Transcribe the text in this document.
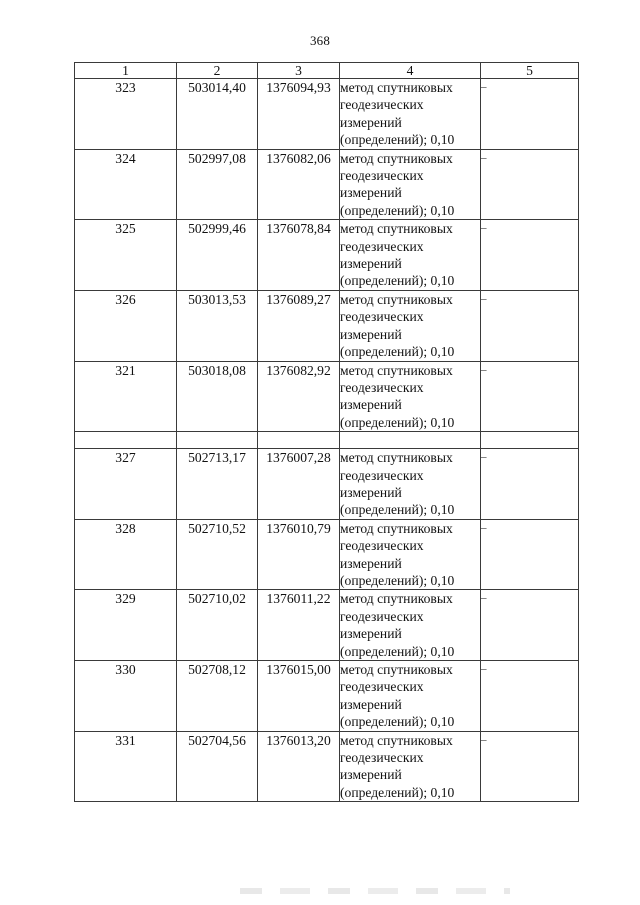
368
1	2	3	4	5
323	503014,40	1376094,93	метод спутниковых
геодезических
измерений
(определений); 0,10	–
324	502997,08	1376082,06	метод спутниковых
геодезических
измерений
(определений); 0,10	–
325	502999,46	1376078,84	метод спутниковых
геодезических
измерений
(определений); 0,10	–
326	503013,53	1376089,27	метод спутниковых
геодезических
измерений
(определений); 0,10	–
321	503018,08	1376082,92	метод спутниковых
геодезических
измерений
(определений); 0,10	–

327	502713,17	1376007,28	метод спутниковых
геодезических
измерений
(определений); 0,10	–
328	502710,52	1376010,79	метод спутниковых
геодезических
измерений
(определений); 0,10	–
329	502710,02	1376011,22	метод спутниковых
геодезических
измерений
(определений); 0,10	–
330	502708,12	1376015,00	метод спутниковых
геодезических
измерений
(определений); 0,10	–
331	502704,56	1376013,20	метод спутниковых
геодезических
измерений
(определений); 0,10	–
